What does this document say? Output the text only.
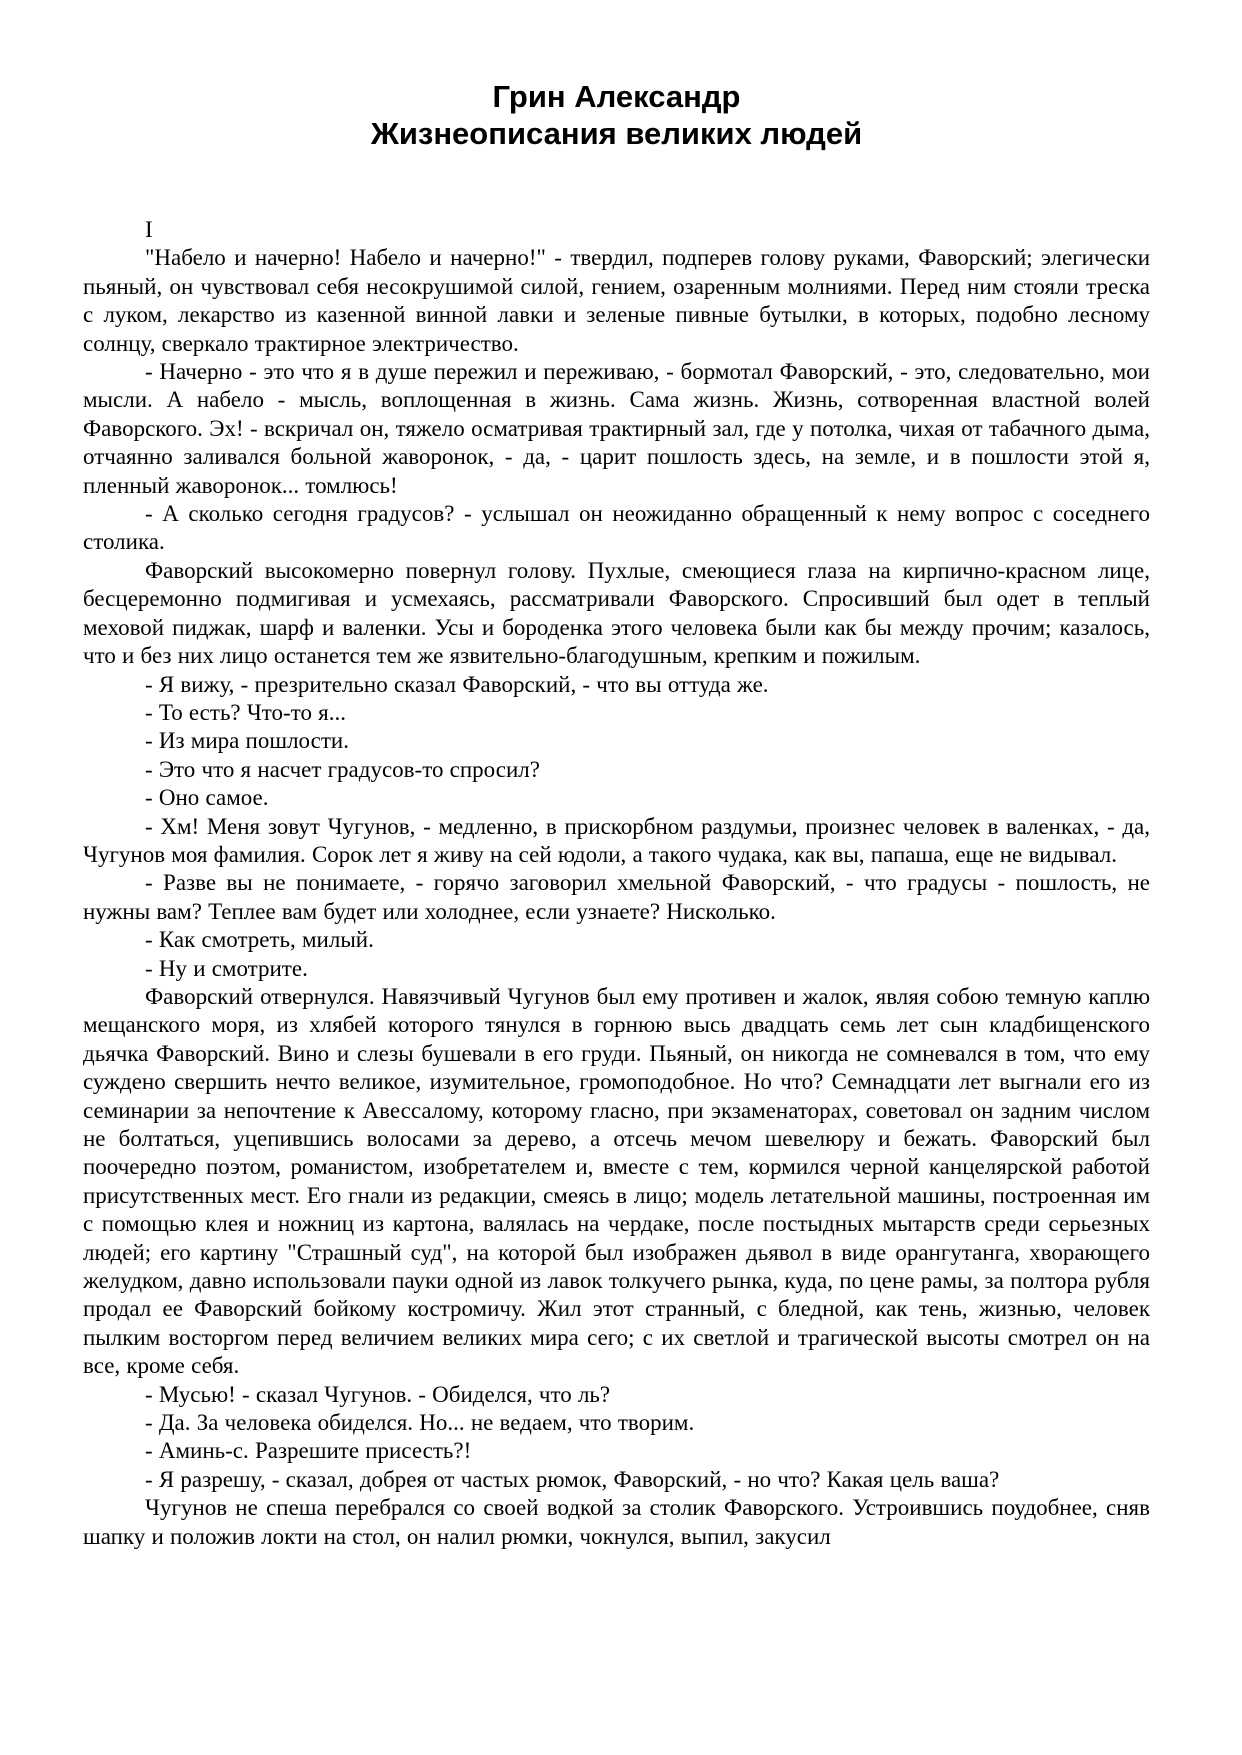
Грин Александр
Жизнеописания великих людей

I

"Набело и начерно! Набело и начерно!" - твердил, подперев голову руками, Фаворский; элегически пьяный, он чувствовал себя несокрушимой силой, гением, озаренным молниями. Перед ним стояли треска с луком, лекарство из казенной винной лавки и зеленые пивные бутылки, в которых, подобно лесному солнцу, сверкало трактирное электричество.

- Начерно - это что я в душе пережил и переживаю, - бормотал Фаворский, - это, следовательно, мои мысли. А набело - мысль, воплощенная в жизнь. Сама жизнь. Жизнь, сотворенная властной волей Фаворского. Эх! - вскричал он, тяжело осматривая трактирный зал, где у потолка, чихая от табачного дыма, отчаянно заливался больной жаворонок, - да, - царит пошлость здесь, на земле, и в пошлости этой я, пленный жаворонок... томлюсь!

- А сколько сегодня градусов? - услышал он неожиданно обращенный к нему вопрос с соседнего столика.

Фаворский высокомерно повернул голову. Пухлые, смеющиеся глаза на кирпично-красном лице, бесцеремонно подмигивая и усмехаясь, рассматривали Фаворского. Спросивший был одет в теплый меховой пиджак, шарф и валенки. Усы и бороденка этого человека были как бы между прочим; казалось, что и без них лицо останется тем же язвительно-благодушным, крепким и пожилым.

- Я вижу, - презрительно сказал Фаворский, - что вы оттуда же.

- То есть? Что-то я...

- Из мира пошлости.

- Это что я насчет градусов-то спросил?

- Оно самое.

- Хм! Меня зовут Чугунов, - медленно, в прискорбном раздумьи, произнес человек в валенках, - да, Чугунов моя фамилия. Сорок лет я живу на сей юдоли, а такого чудака, как вы, папаша, еще не видывал.

- Разве вы не понимаете, - горячо заговорил хмельной Фаворский, - что градусы - пошлость, не нужны вам? Теплее вам будет или холоднее, если узнаете? Нисколько.

- Как смотреть, милый.

- Ну и смотрите.

Фаворский отвернулся. Навязчивый Чугунов был ему противен и жалок, являя собою темную каплю мещанского моря, из хлябей которого тянулся в горнюю высь двадцать семь лет сын кладбищенского дьячка Фаворский. Вино и слезы бушевали в его груди. Пьяный, он никогда не сомневался в том, что ему суждено свершить нечто великое, изумительное, громоподобное. Но что? Семнадцати лет выгнали его из семинарии за непочтение к Авессалому, которому гласно, при экзаменаторах, советовал он задним числом не болтаться, уцепившись волосами за дерево, а отсечь мечом шевелюру и бежать. Фаворский был поочередно поэтом, романистом, изобретателем и, вместе с тем, кормился черной канцелярской работой присутственных мест. Его гнали из редакции, смеясь в лицо; модель летательной машины, построенная им с помощью клея и ножниц из картона, валялась на чердаке, после постыдных мытарств среди серьезных людей; его картину "Страшный суд", на которой был изображен дьявол в виде орангутанга, хворающего желудком, давно использовали пауки одной из лавок толкучего рынка, куда, по цене рамы, за полтора рубля продал ее Фаворский бойкому костромичу. Жил этот странный, с бледной, как тень, жизнью, человек пылким восторгом перед величием великих мира сего; с их светлой и трагической высоты смотрел он на все, кроме себя.

- Мусью! - сказал Чугунов. - Обиделся, что ль?

- Да. За человека обиделся. Но... не ведаем, что творим.

- Аминь-с. Разрешите присесть?!

- Я разрешу, - сказал, добрея от частых рюмок, Фаворский, - но что? Какая цель ваша?

Чугунов не спеша перебрался со своей водкой за столик Фаворского. Устроившись поудобнее, сняв шапку и положив локти на стол, он налил рюмки, чокнулся, выпил, закусил
